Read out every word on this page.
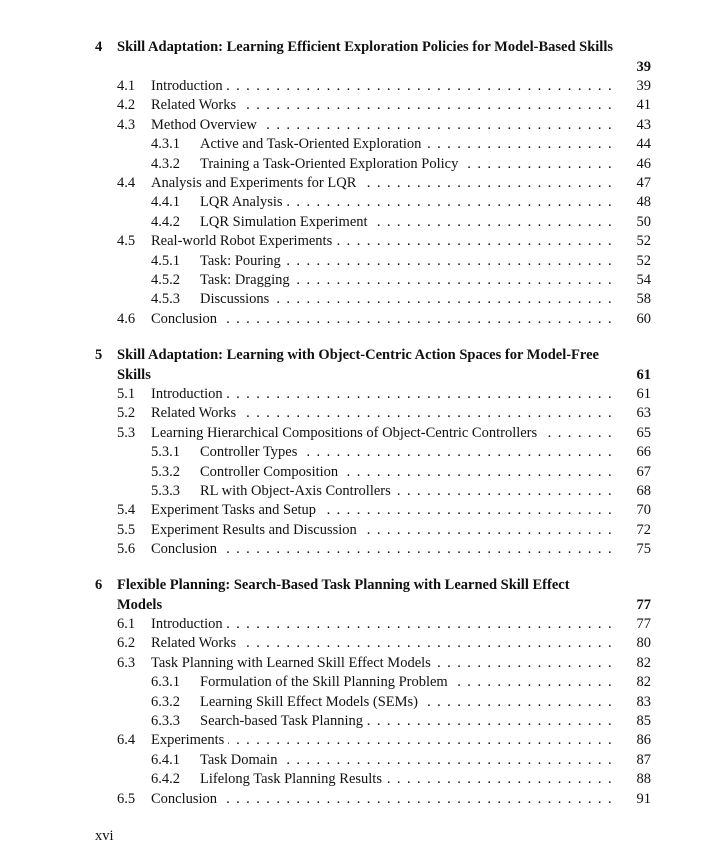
4 Skill Adaptation: Learning Efficient Exploration Policies for Model-Based Skills
39
4.1 Introduction . . .	39
4.2 Related Works . . .	41
4.3 Method Overview . . .	43
4.3.1 Active and Task-Oriented Exploration . . .	44
4.3.2 Training a Task-Oriented Exploration Policy . . .	46
4.4 Analysis and Experiments for LQR . . .	47
4.4.1 LQR Analysis . . .	48
4.4.2 LQR Simulation Experiment . . .	50
4.5 Real-world Robot Experiments . . .	52
4.5.1 Task: Pouring . . .	52
4.5.2 Task: Dragging . . .	54
4.5.3 Discussions . . .	58
4.6 Conclusion . . .	60
5 Skill Adaptation: Learning with Object-Centric Action Spaces for Model-Free Skills	61
5.1 Introduction . . .	61
5.2 Related Works . . .	63
5.3 Learning Hierarchical Compositions of Object-Centric Controllers . . .	65
5.3.1 Controller Types . . .	66
5.3.2 Controller Composition . . .	67
5.3.3 RL with Object-Axis Controllers . . .	68
5.4 Experiment Tasks and Setup . . .	70
5.5 Experiment Results and Discussion . . .	72
5.6 Conclusion . . .	75
6 Flexible Planning: Search-Based Task Planning with Learned Skill Effect Models	77
6.1 Introduction . . .	77
6.2 Related Works . . .	80
6.3 Task Planning with Learned Skill Effect Models . . .	82
6.3.1 Formulation of the Skill Planning Problem . . .	82
6.3.2 Learning Skill Effect Models (SEMs) . . .	83
6.3.3 Search-based Task Planning . . .	85
6.4 Experiments . . .	86
6.4.1 Task Domain . . .	87
6.4.2 Lifelong Task Planning Results . . .	88
6.5 Conclusion . . .	91
xvi
